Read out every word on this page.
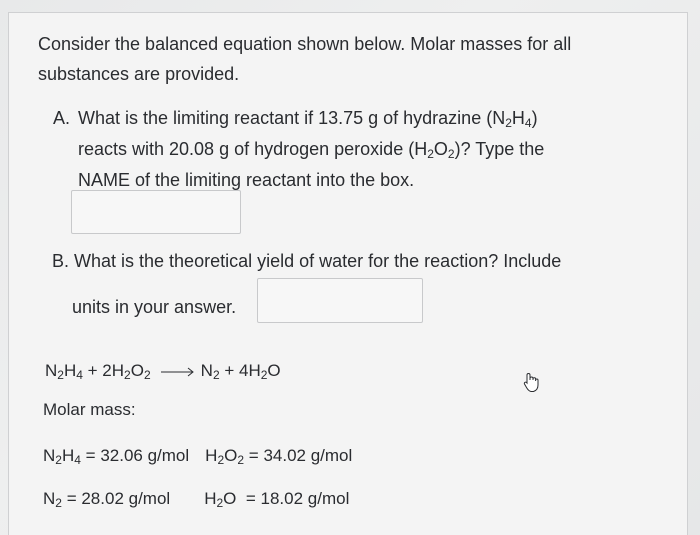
Consider the balanced equation shown below. Molar masses for all
substances are provided.

A. What is the limiting reactant if 13.75 g of hydrazine $(N_2H_4)$
reacts with 20.08 g of hydrogen peroxide $(H_2O_2)$? Type the
NAME of the limiting reactant into the box.
B. What is the theoretical yield of water for the reaction? Include
units in your answer.
$N_2H_4 + 2H_2O_2 \to N_2 + 4H_2O$
Molar mass:
$N_2H_4 = 32.06$ g/mol $H_2O_2 = 34.02$ g/mol
$N_2 = 28.02$ g/mol $H_2O = 18.02$ g/mol
